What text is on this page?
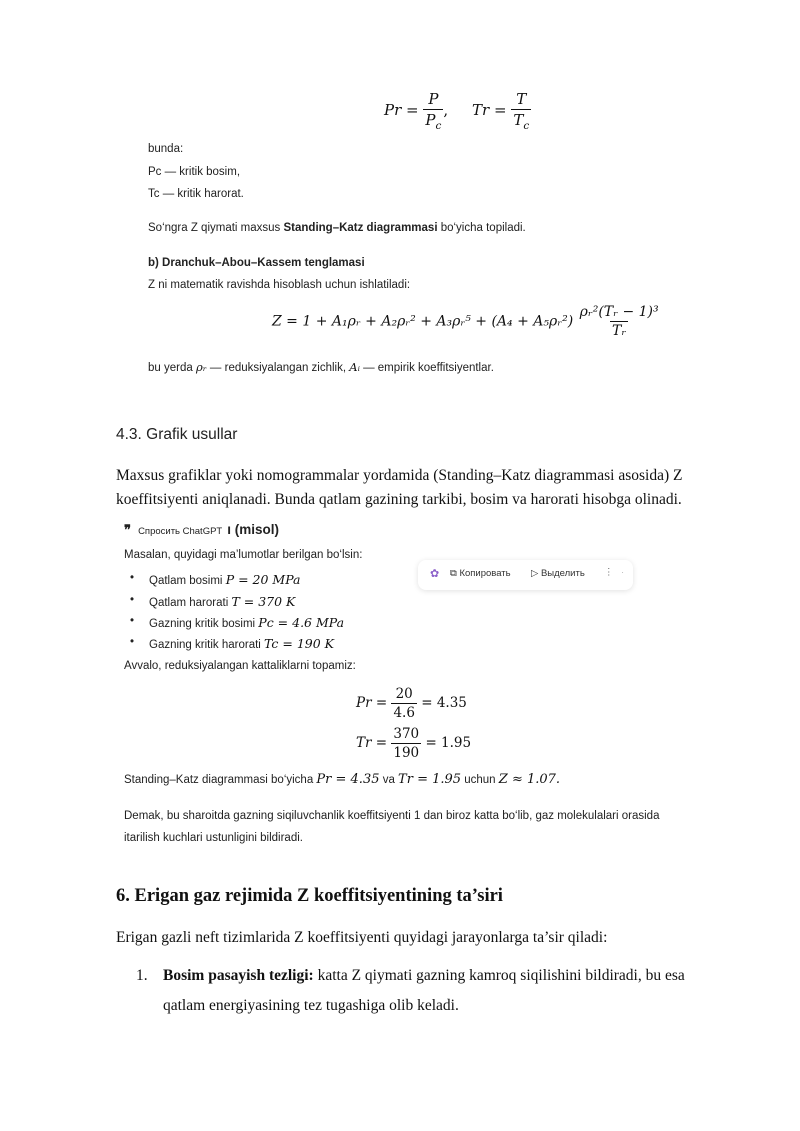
$Pr = \frac{P}{P_c}$ , $Tr = \frac{T}{T_c}$
bunda:
Pc — kritik bosim,
Tc — kritik harorat.
So‘ngra Z qiymati maxsus Standing–Katz diagrammasi bo‘yicha topiladi.
b) Dranchuk–Abou–Kassem tenglamasi
Z ni matematik ravishda hisoblash uchun ishlatiladi:
Z = 1 + A₁ρᵣ + A₂ρᵣ² + A₃ρᵣ⁵ + (A₄ + A₅ρᵣ²) $\frac{\text{ρᵣ²(Tᵣ − 1)³}}{\text{Tᵣ}}$
bu yerda ρᵣ — reduksiyalangan zichlik, Aᵢ — empirik koeffitsiyentlar.
4.3. Grafik usullar
Maxsus grafiklar yoki nomogrammalar yordamida (Standing–Katz diagrammasi asosida) Z koeffitsiyenti aniqlanadi. Bunda qatlam gazining tarkibi, bosim va harorati hisobga olinadi.
❞ Спросить ChatGPT ı (misol)
Masalan, quyidagi ma’lumotlar berilgan bo‘lsin:
• Qatlam bosimi P = 20 MPa
• Qatlam harorati T = 370 K
• Gazning kritik bosimi Pc = 4.6 MPa
• Gazning kritik harorati Tc = 190 K
✿ ⧉ Копировать ▷ Выделить ⋮ ·
Avvalo, reduksiyalangan kattaliklarni topamiz:
$Pr = \frac{20}{4.6} = 4.35$
$Tr = \frac{370}{190} = 1.95$
Standing–Katz diagrammasi bo‘yicha Pr = 4.35 va Tr = 1.95 uchun Z ≈ 1.07.
Demak, bu sharoitda gazning siqiluvchanlik koeffitsiyenti 1 dan biroz katta bo‘lib, gaz molekulalari orasida itarilish kuchlari ustunligini bildiradi.
6. Erigan gaz rejimida Z koeffitsiyentining ta’siri
Erigan gazli neft tizimlarida Z koeffitsiyenti quyidagi jarayonlarga ta’sir qiladi:
1. Bosim pasayish tezligi: katta Z qiymati gazning kamroq siqilishini bildiradi, bu esa qatlam energiyasining tez tugashiga olib keladi.
